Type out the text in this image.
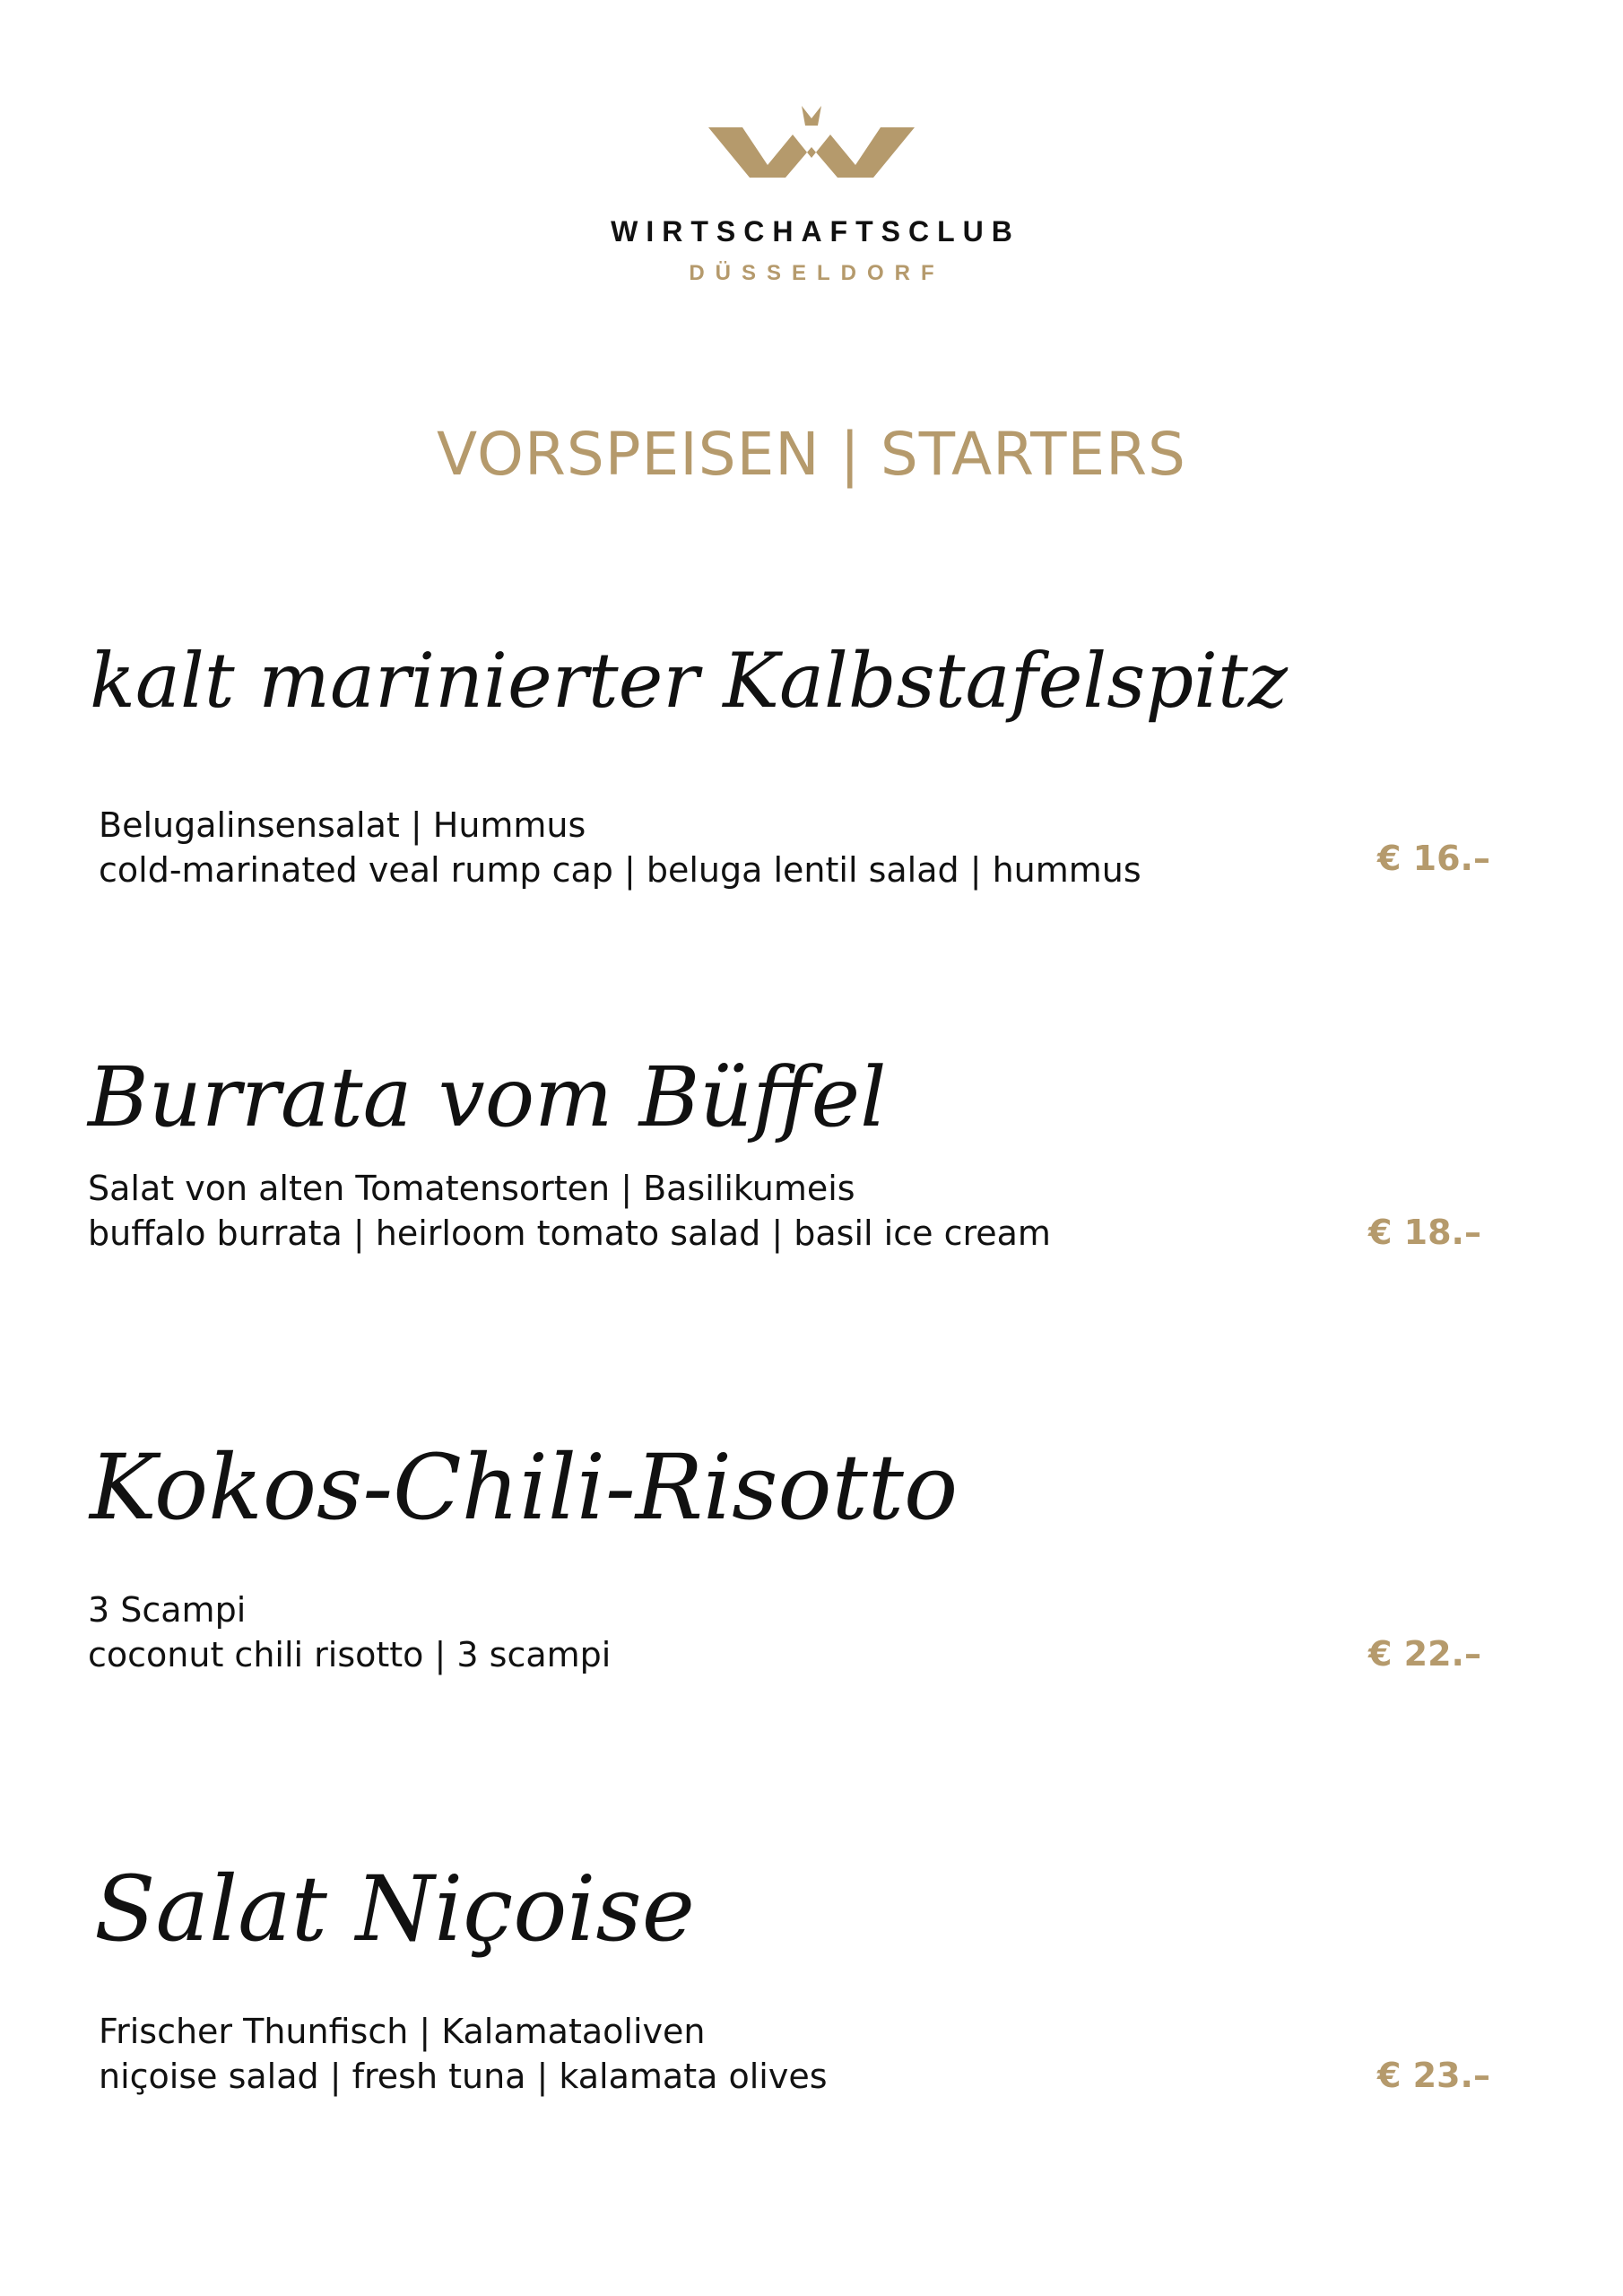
WIRTSCHAFTSCLUB
DÜSSELDORF
VORSPEISEN | STARTERS
kalt marinierter Kalbstafelspitz
Belugalinsensalat | Hummus
cold-marinated veal rump cap | beluga lentil salad | hummus	€ 16.–
Burrata vom Büffel
Salat von alten Tomatensorten | Basilikumeis
buffalo burrata | heirloom tomato salad | basil ice cream	€ 18.–
Kokos-Chili-Risotto
3 Scampi
coconut chili risotto | 3 scampi	€ 22.–
Salat Niçoise
Frischer Thunfisch | Kalamataoliven
niçoise salad | fresh tuna | kalamata olives	€ 23.–
